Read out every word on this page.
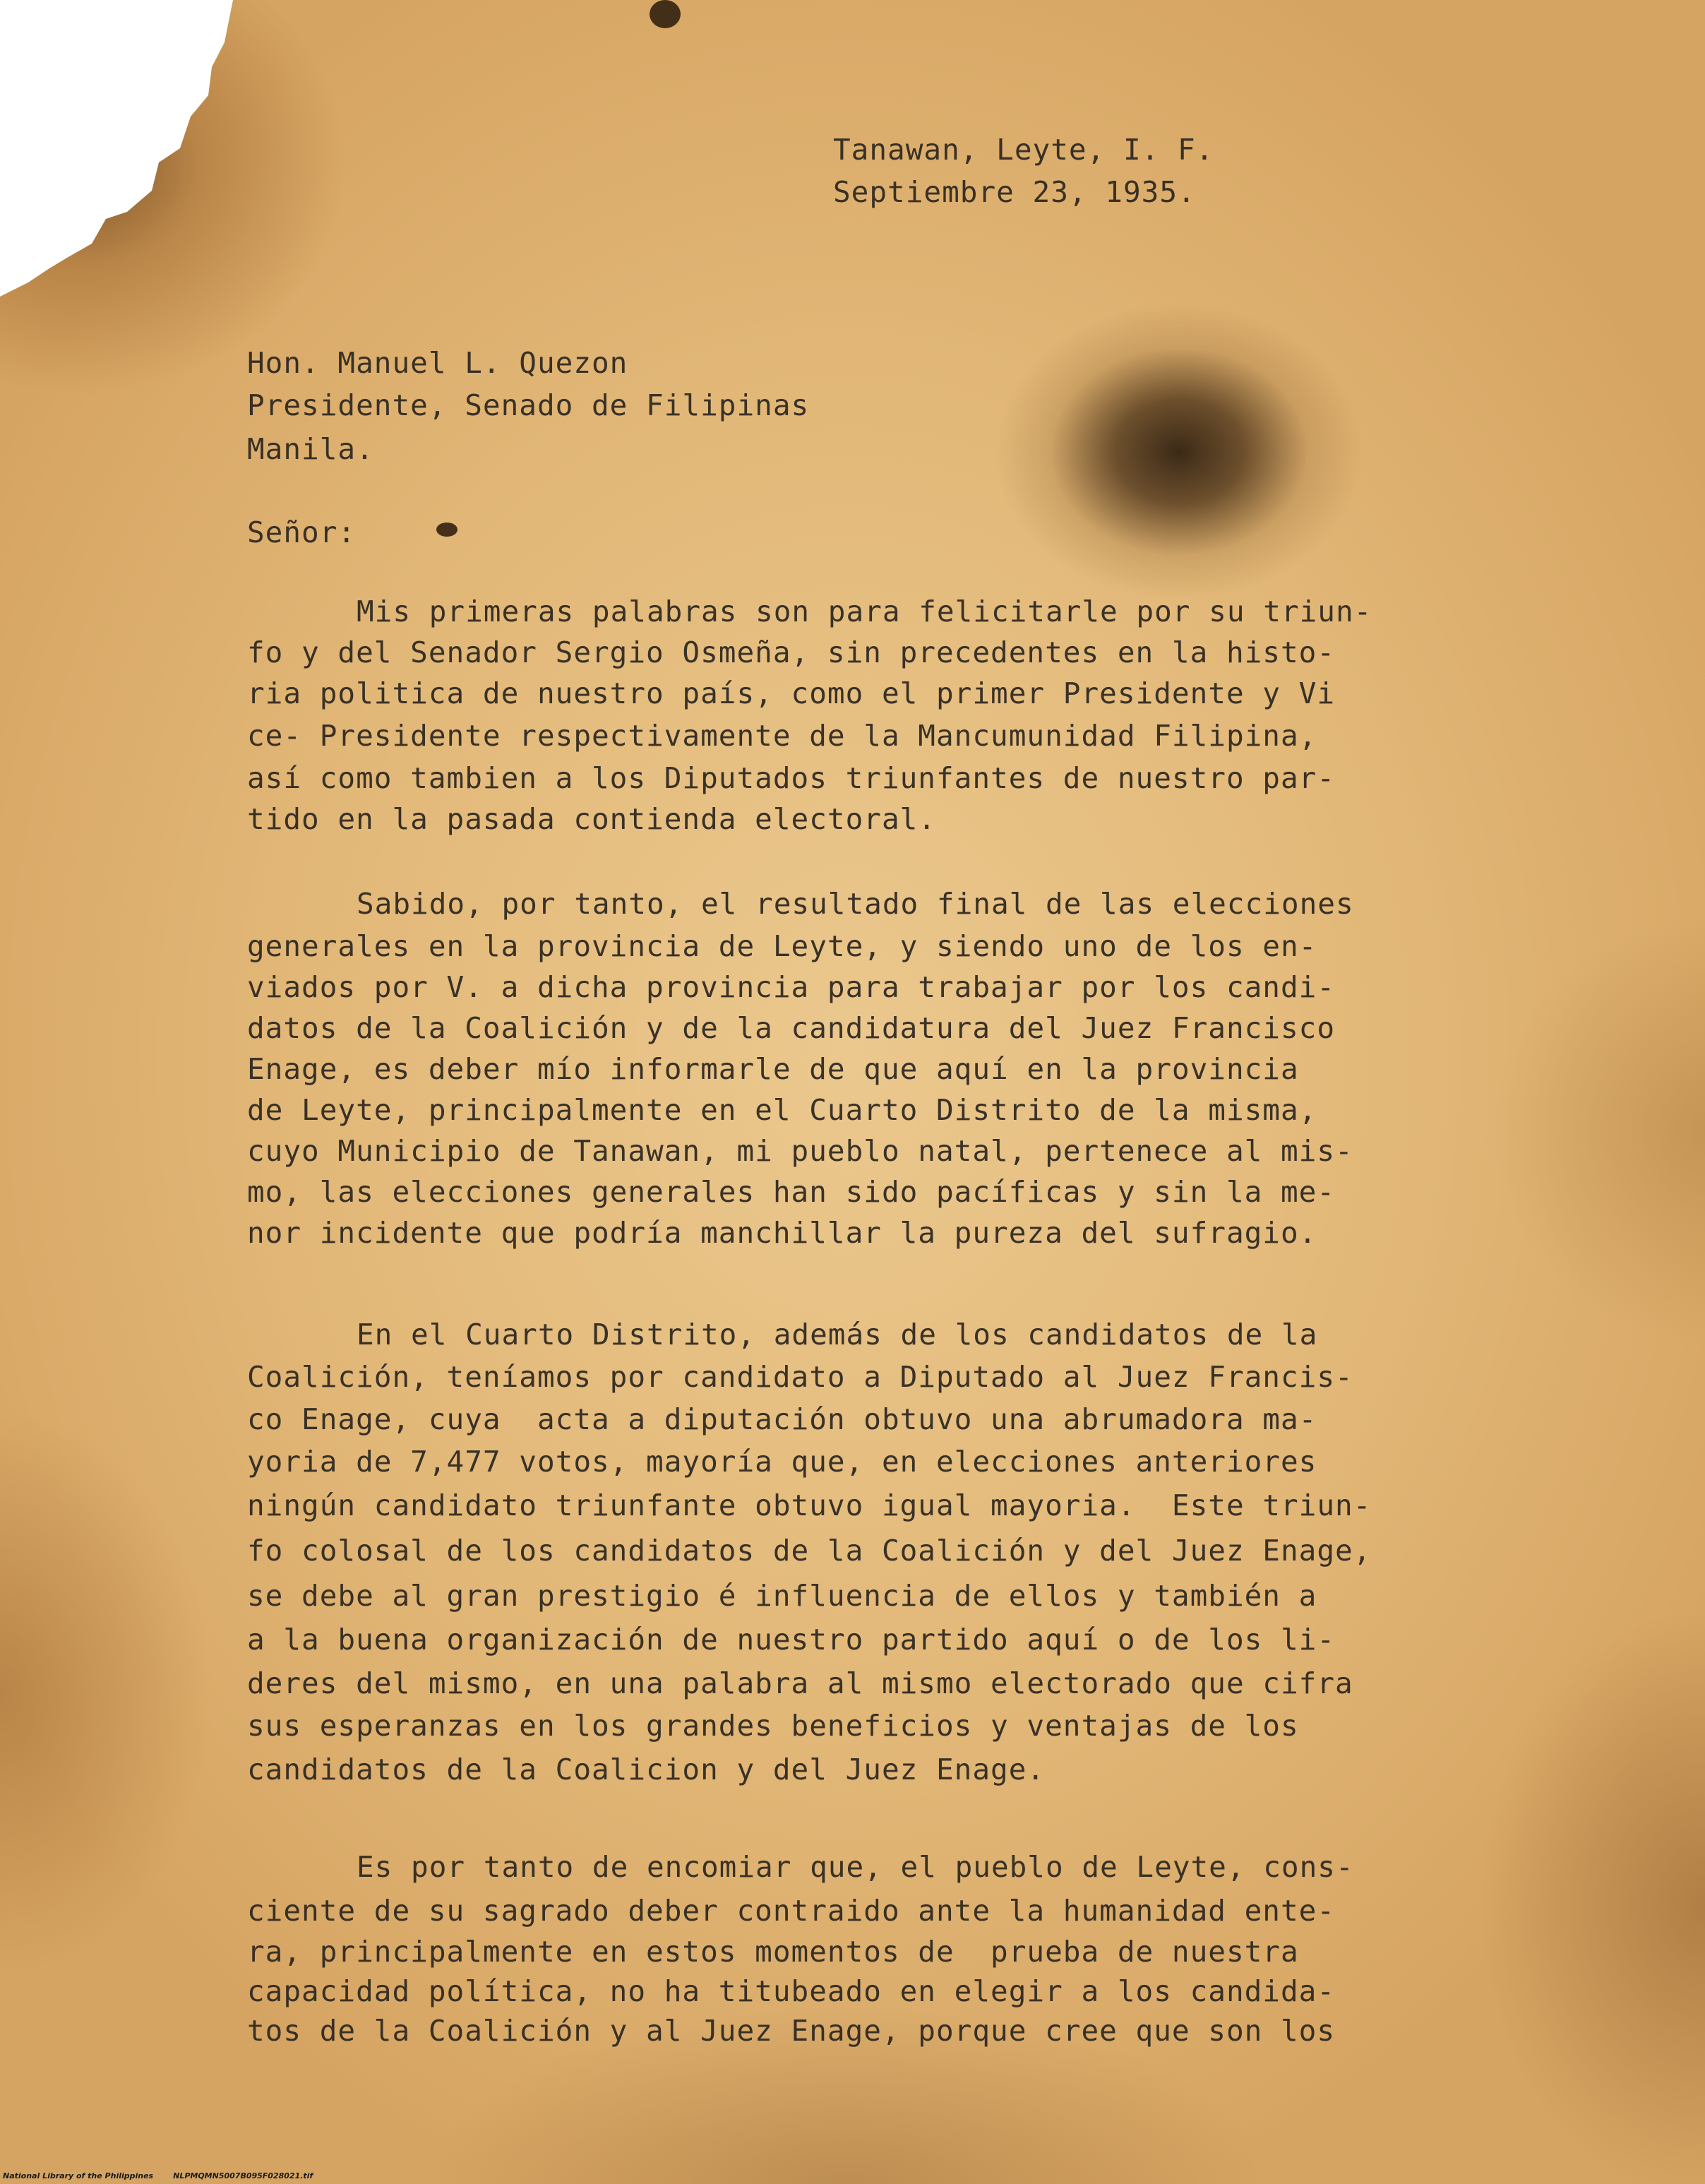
Tanawan, Leyte, I. F.

Septiembre 23, 1935.

Hon. Manuel L. Quezon

Presidente, Senado de Filipinas

Manila.

Señor:

Mis primeras palabras son para felicitarle por su triun-

fo y del Senador Sergio Osmeña, sin precedentes en la histo-

ria politica de nuestro país, como el primer Presidente y Vi

ce- Presidente respectivamente de la Mancumunidad Filipina,

así como tambien a los Diputados triunfantes de nuestro par-

tido en la pasada contienda electoral.

Sabido, por tanto, el resultado final de las elecciones

generales en la provincia de Leyte, y siendo uno de los en-

viados por V. a dicha provincia para trabajar por los candi-

datos de la Coalición y de la candidatura del Juez Francisco

Enage, es deber mío informarle de que aquí en la provincia

de Leyte, principalmente en el Cuarto Distrito de la misma,

cuyo Municipio de Tanawan, mi pueblo natal, pertenece al mis-

mo, las elecciones generales han sido pacíficas y sin la me-

nor incidente que podría manchillar la pureza del sufragio.

En el Cuarto Distrito, además de los candidatos de la

Coalición, teníamos por candidato a Diputado al Juez Francis-

co Enage, cuya  acta a diputación obtuvo una abrumadora ma-

yoria de 7,477 votos, mayoría que, en elecciones anteriores

ningún candidato triunfante obtuvo igual mayoria.  Este triun-

fo colosal de los candidatos de la Coalición y del Juez Enage,

se debe al gran prestigio é influencia de ellos y también a

a la buena organización de nuestro partido aquí o de los li-

deres del mismo, en una palabra al mismo electorado que cifra

sus esperanzas en los grandes beneficios y ventajas de los

candidatos de la Coalicion y del Juez Enage.

Es por tanto de encomiar que, el pueblo de Leyte, cons-

ciente de su sagrado deber contraido ante la humanidad ente-

ra, principalmente en estos momentos de  prueba de nuestra

capacidad política, no ha titubeado en elegir a los candida-

tos de la Coalición y al Juez Enage, porque cree que son los

National Library of the Philippines	NLPMQMN5007B095F028021.tif
